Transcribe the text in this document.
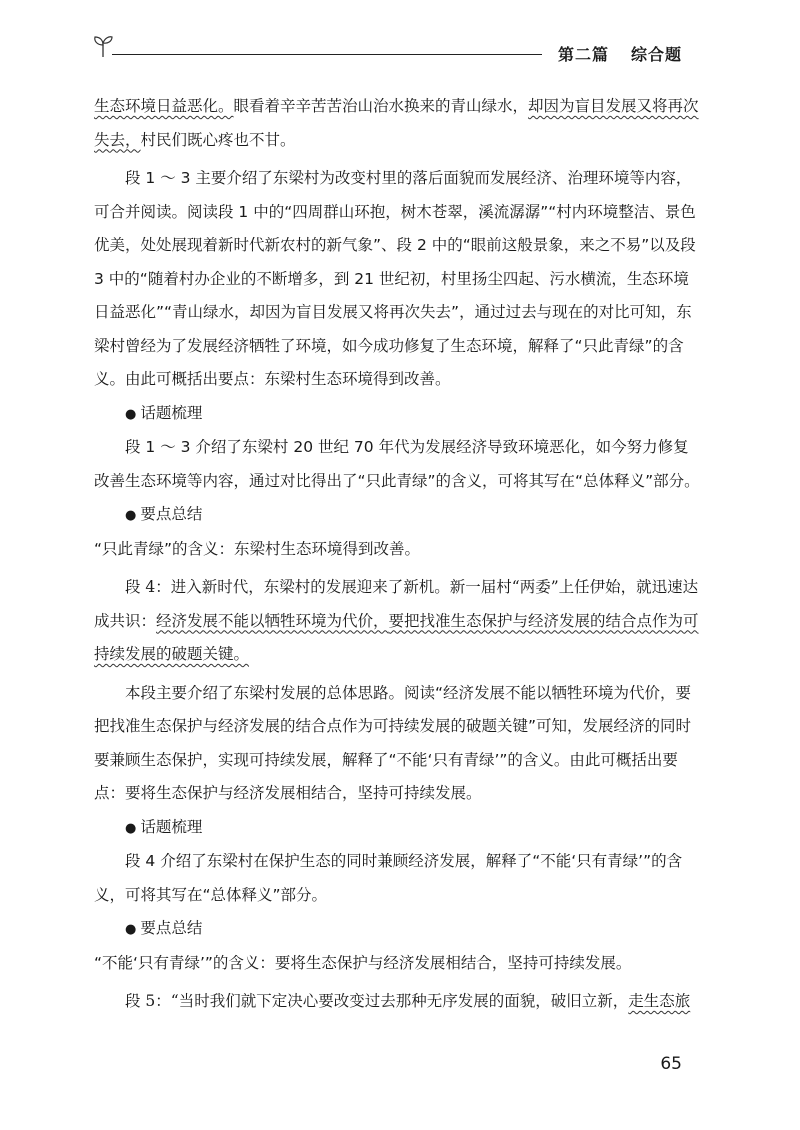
第二篇 综合题

生态环境日益恶化。眼看着辛辛苦苦治山治水换来的青山绿水，却因为盲目发展又将再次失去，村民们既心疼也不甘。

段 1 ～ 3 主要介绍了东梁村为改变村里的落后面貌而发展经济、治理环境等内容，可合并阅读。阅读段 1 中的“四周群山环抱，树木苍翠，溪流潺潺”“村内环境整洁、景色优美，处处展现着新时代新农村的新气象”、段 2 中的“眼前这般景象，来之不易”以及段 3 中的“随着村办企业的不断增多，到 21 世纪初，村里扬尘四起、污水横流，生态环境日益恶化”“青山绿水，却因为盲目发展又将再次失去”，通过过去与现在的对比可知，东梁村曾经为了发展经济牺牲了环境，如今成功修复了生态环境，解释了“只此青绿”的含义。由此可概括出要点：东梁村生态环境得到改善。

● 话题梳理

段 1 ～ 3 介绍了东梁村 20 世纪 70 年代为发展经济导致环境恶化，如今努力修复改善生态环境等内容，通过对比得出了“只此青绿”的含义，可将其写在“总体释义”部分。

● 要点总结

“只此青绿”的含义：东梁村生态环境得到改善。

段 4：进入新时代，东梁村的发展迎来了新机。新一届村“两委”上任伊始，就迅速达成共识：经济发展不能以牺牲环境为代价，要把找准生态保护与经济发展的结合点作为可持续发展的破题关键。

本段主要介绍了东梁村发展的总体思路。阅读“经济发展不能以牺牲环境为代价，要把找准生态保护与经济发展的结合点作为可持续发展的破题关键”可知，发展经济的同时要兼顾生态保护，实现可持续发展，解释了“不能‘只有青绿’”的含义。由此可概括出要点：要将生态保护与经济发展相结合，坚持可持续发展。

● 话题梳理

段 4 介绍了东梁村在保护生态的同时兼顾经济发展，解释了“不能‘只有青绿’”的含义，可将其写在“总体释义”部分。

● 要点总结

“不能‘只有青绿’”的含义：要将生态保护与经济发展相结合，坚持可持续发展。

段 5：“当时我们就下定决心要改变过去那种无序发展的面貌，破旧立新，走生态旅

65
